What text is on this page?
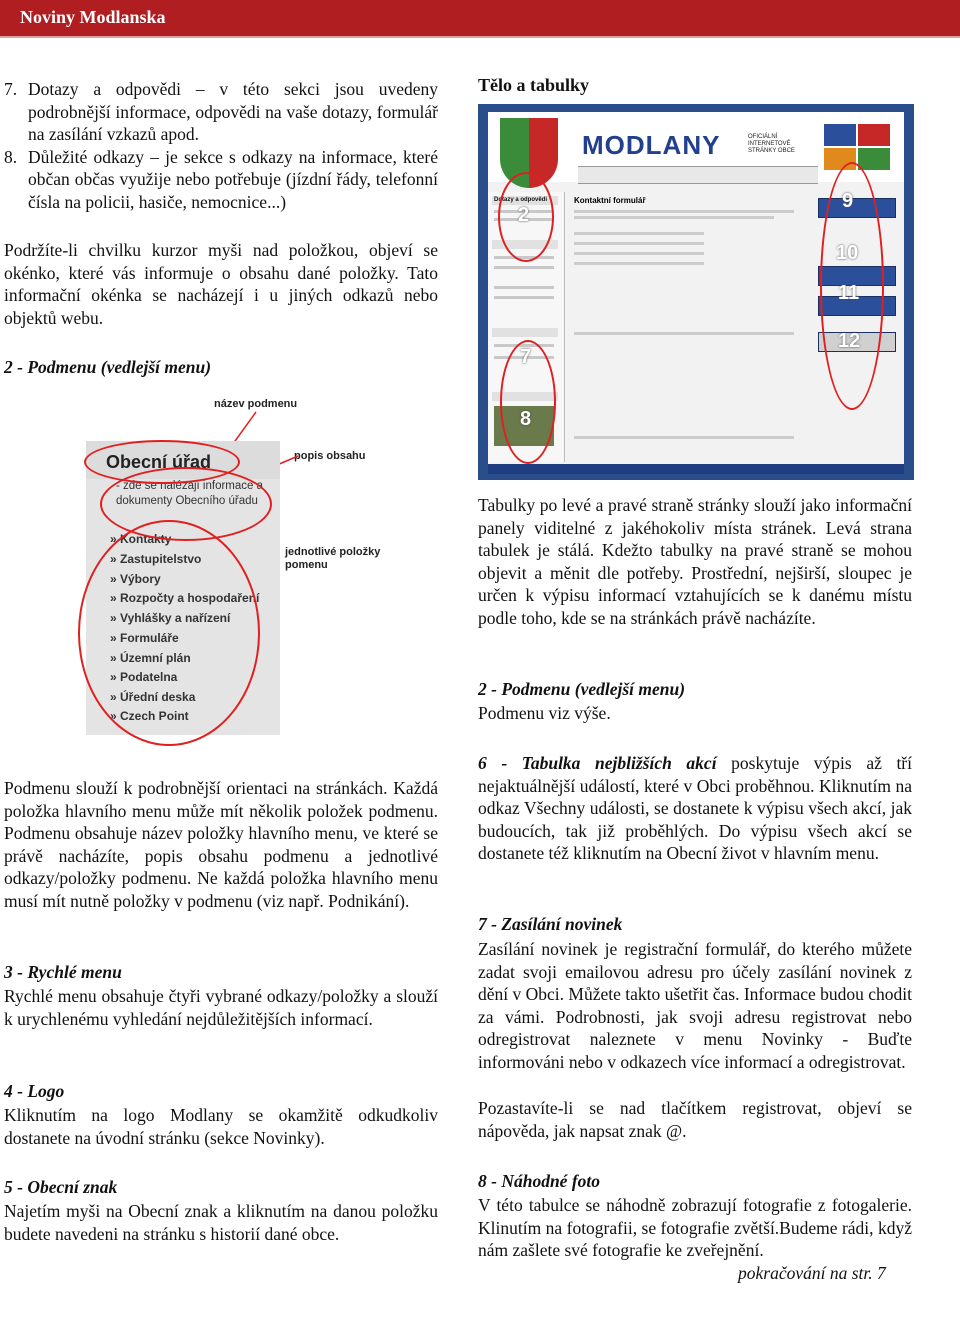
Noviny Modlanska
7. Dotazy a odpovědi – v této sekci jsou uvedeny podrobnější informace, odpovědi na vaše dotazy, formulář na zasílání vzkazů apod.
8. Důležité odkazy – je sekce s odkazy na informace, které občan občas využije nebo potřebuje (jízdní řády, telefonní čísla na policii, hasiče, nemocnice...)
Podržíte-li chvilku kurzor myši nad položkou, objeví se okénko, které vás informuje o obsahu dané položky. Tato informační okénka se nacházejí i u jiných odkazů nebo objektů webu.
2 - Podmenu (vedlejší menu)
název podmenu
popis obsahu
jednotlivé položky pomenu
Obecní úřad
- zde se nalézají informace a dokumenty Obecního úřadu
» Kontakty
» Zastupitelstvo
» Výbory
» Rozpočty a hospodaření
» Vyhlášky a nařízení
» Formuláře
» Územní plán
» Podatelna
» Úřední deska
» Czech Point
Podmenu slouží k podrobnější orientaci na stránkách. Každá položka hlavního menu může mít několik položek podmenu. Podmenu obsahuje název položky hlavního menu, ve které se právě nacházíte, popis obsahu podmenu a jednotlivé odkazy/položky podmenu. Ne každá položka hlavního menu musí mít nutně položky v podmenu (viz např. Podnikání).
3 - Rychlé menu
Rychlé menu obsahuje čtyři vybrané odkazy/položky a slouží k urychlenému vyhledání nejdůležitějších informací.
4 - Logo
Kliknutím na logo Modlany se okamžitě odkudkoliv dostanete na úvodní stránku (sekce Novinky).
5 - Obecní znak
Najetím myši na Obecní znak a kliknutím na danou položku budete navedeni na stránku s historií dané obce.
Tělo a tabulky
MODLANY	OFICIÁLNÍ INTERNETOVÉ STRÁNKY OBCE
Dotazy a odpovědi	Kontaktní formulář
2
9
10
11
12
7
8
Tabulky po levé a pravé straně stránky slouží jako informační panely viditelné z jakéhokoliv místa stránek. Levá strana tabulek je stálá. Kdežto tabulky na pravé straně se mohou objevit a měnit dle potřeby. Prostřední, nejširší, sloupec je určen k výpisu informací vztahujících se k danému místu podle toho, kde se na stránkách právě nacházíte.
2 - Podmenu (vedlejší menu)
Podmenu viz výše.
6 - Tabulka nejbližších akcí poskytuje výpis až tří nejaktuálnější událostí, které v Obci proběhnou. Kliknutím na odkaz Všechny události, se dostanete k výpisu všech akcí, jak budoucích, tak již proběhlých. Do výpisu všech akcí se dostanete též kliknutím na Obecní život v hlavním menu.
7 - Zasílání novinek
Zasílání novinek je registrační formulář, do kterého můžete zadat svoji emailovou adresu pro účely zasílání novinek z dění v Obci. Můžete takto ušetřit čas. Informace budou chodit za vámi. Podrobnosti, jak svoji adresu registrovat nebo odregistrovat naleznete v menu Novinky - Buďte informováni nebo v odkazech více informací a odregistrovat.
Pozastavíte-li se nad tlačítkem registrovat, objeví se nápověda, jak napsat znak @.
8 - Náhodné foto
V této tabulce se náhodně zobrazují fotografie z fotogalerie. Klinutím na fotografii, se fotografie zvětší.Budeme rádi, když nám zašlete své fotografie ke zveřejnění.
pokračování na str. 7
